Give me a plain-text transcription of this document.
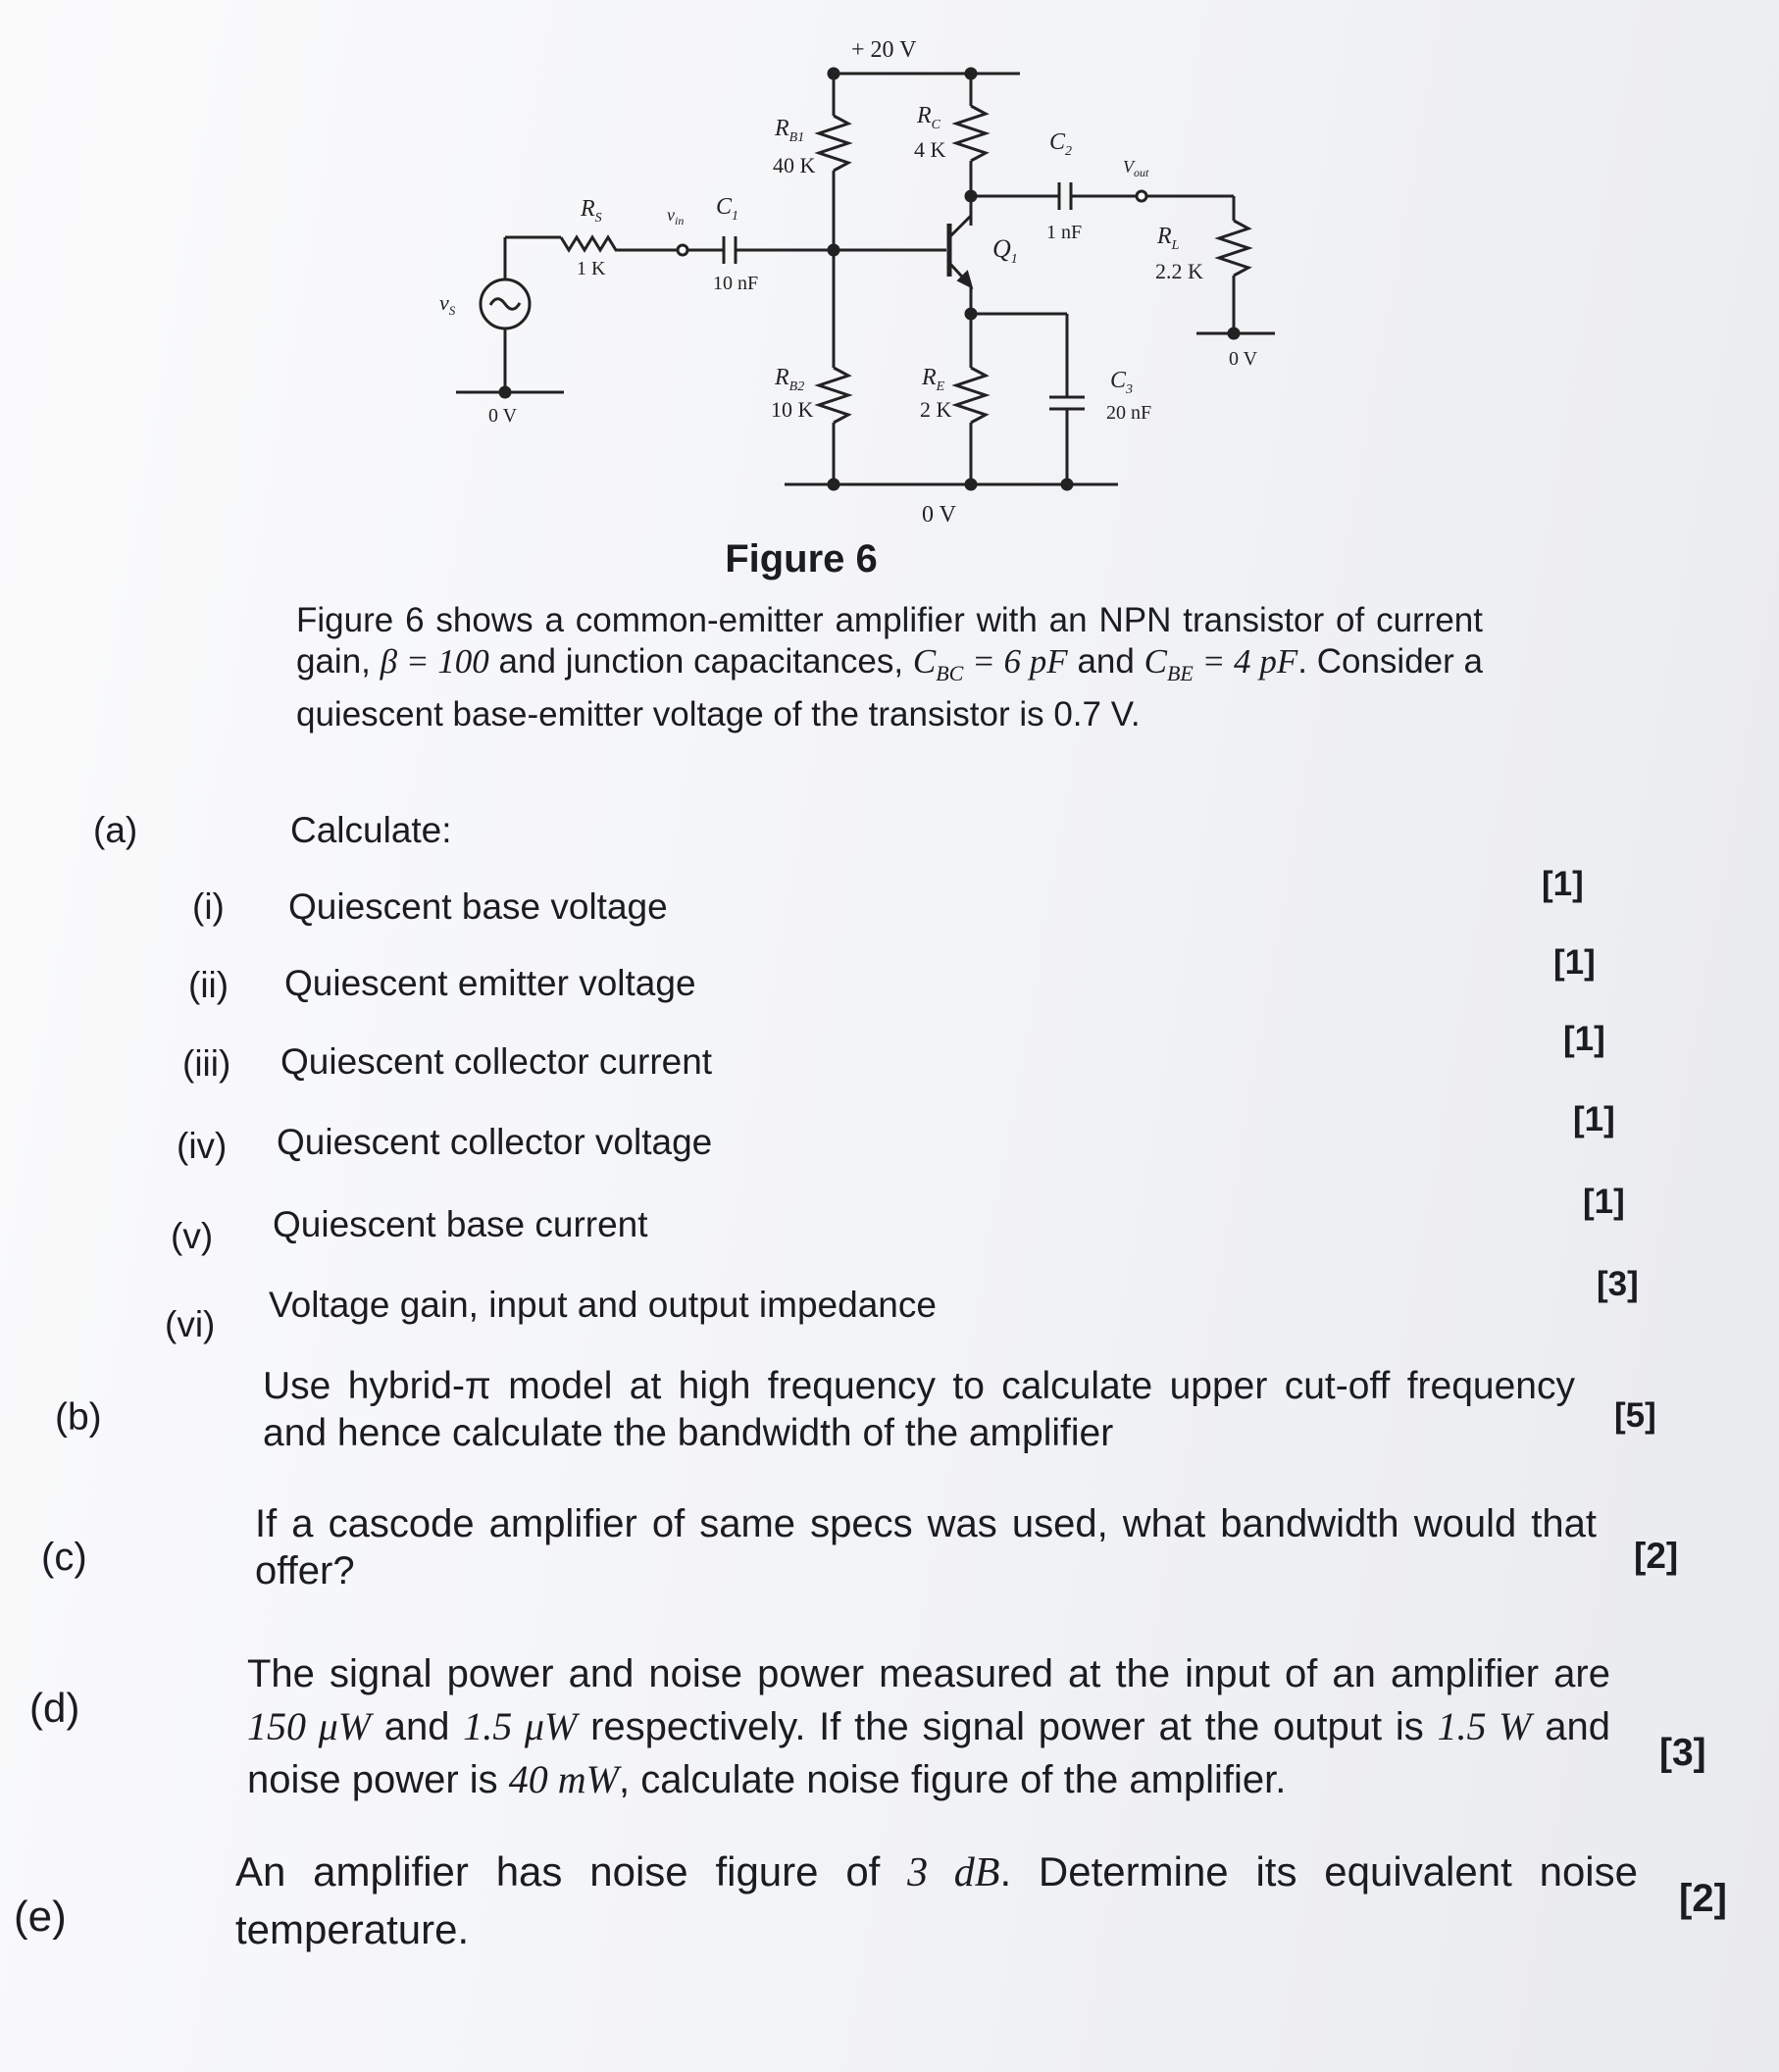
+ 20 V
$R_{B1}$
40 K
$R_C$
4 K	$C_2$
1 nF
$V_{out}$
$R_L$
2.2 K
0 V
$Q_1$
$C_3$
20 nF
$R_E$
2 K
$R_{B2}$
10 K
0 V
$C_1$
10 nF
$v_{in}$
$R_S$
1 K
$v_S$
0 V
Figure 6
Figure 6 shows a common-emitter amplifier with an NPN transistor of current gain, β = 100 and junction capacitances, $C_{BC} = 6$ pF and $C_{BE} = 4$ pF. Consider a quiescent base-emitter voltage of the transistor is 0.7 V.
(a)	Calculate:
(i) Quiescent base voltage
[1]
(ii) Quiescent emitter voltage
[1]
(iii) Quiescent collector current
[1]
(iv) Quiescent collector voltage
[1]
(v) Quiescent base current
[1]
(vi) Voltage gain, input and output impedance
[3]
(b)
Use hybrid-π model at high frequency to calculate upper cut-off frequency and hence calculate the bandwidth of the amplifier	[5]
(c)
If a cascode amplifier of same specs was used, what bandwidth would that offer?	[2]
(d)
The signal power and noise power measured at the input of an amplifier are 150 μW and 1.5 μW respectively. If the signal power at the output is 1.5 W and noise power is 40 mW, calculate noise figure of the amplifier.
[3]
(e)
An amplifier has noise figure of 3 dB. Determine its equivalent noise temperature.
[2]
